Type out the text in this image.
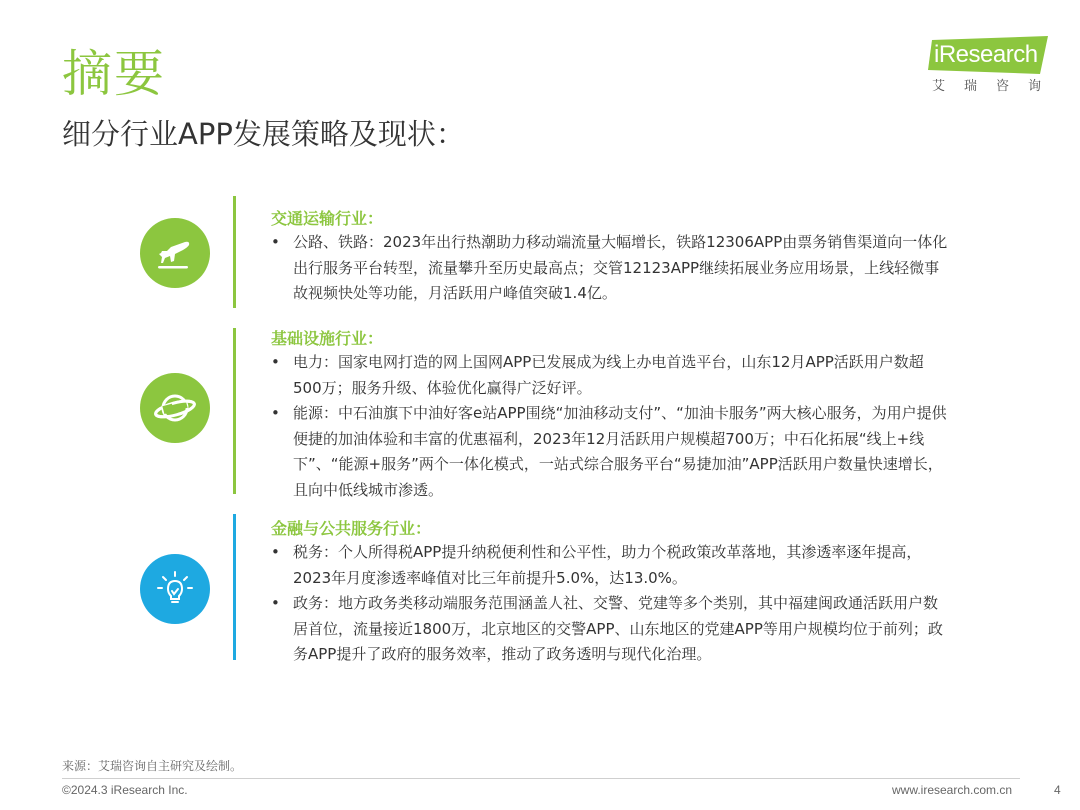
摘要
细分行业APP发展策略及现状：
iResearch
艾瑞咨询
交通运输行业：
• 公路、铁路：2023年出行热潮助力移动端流量大幅增长，铁路12306APP由票务销售渠道向一体化出行服务平台转型，流量攀升至历史最高点；交管12123APP继续拓展业务应用场景，上线轻微事故视频快处等功能，月活跃用户峰值突破1.4亿。
基础设施行业：
• 电力：国家电网打造的网上国网APP已发展成为线上办电首选平台，山东12月APP活跃用户数超500万；服务升级、体验优化赢得广泛好评。
• 能源：中石油旗下中油好客e站APP围绕“加油移动支付”、“加油卡服务”两大核心服务，为用户提供便捷的加油体验和丰富的优惠福利，2023年12月活跃用户规模超700万；中石化拓展“线上+线下”、“能源+服务”两个一体化模式，一站式综合服务平台“易捷加油”APP活跃用户数量快速增长，且向中低线城市渗透。
金融与公共服务行业：
• 税务：个人所得税APP提升纳税便利性和公平性，助力个税政策改革落地，其渗透率逐年提高，2023年月度渗透率峰值对比三年前提升5.0%，达13.0%。
• 政务：地方政务类移动端服务范围涵盖人社、交警、党建等多个类别，其中福建闽政通活跃用户数居首位，流量接近1800万，北京地区的交警APP、山东地区的党建APP等用户规模均位于前列；政务APP提升了政府的服务效率，推动了政务透明与现代化治理。
来源：艾瑞咨询自主研究及绘制。
©2024.3 iResearch Inc.	www.iresearch.com.cn	4
